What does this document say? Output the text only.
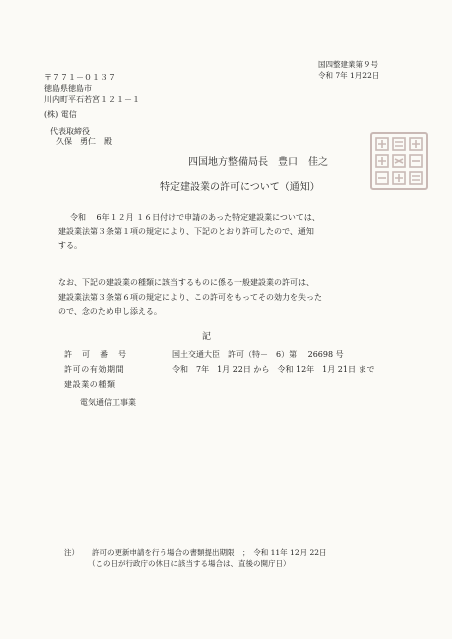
国四整建業第９号
令和 7年 1月22日
〒７７１－０１３７
徳島県徳島市
川内町平石若宮１２１－１
(株) 電信
代表取締役
久保　勇仁　殿
四国地方整備局長　豊口　佳之
特定建設業の許可について（通知）
令和　 6年１２月 １６日付けで申請のあった特定建設業については、
建設業法第３条第１項の規定により、下記のとおり許可したので、通知
する。
なお、下記の建設業の種類に該当するものに係る一般建設業の許可は、
建設業法第３条第６項の規定により、この許可をもってその効力を失った
ので、念のため申し添える。
記
許　可　番　号	国土交通大臣　許可（特－　6）第　 26698 号
許可の有効期間	令和　7年　1月 22日 から　令和 12年　1月 21日 まで
建設業の種類
電気通信工事業
注） 許可の更新申請を行う場合の書類提出期限　；　令和 11年 12月 22日
（この日が行政庁の休日に該当する場合は、直後の開庁日）
